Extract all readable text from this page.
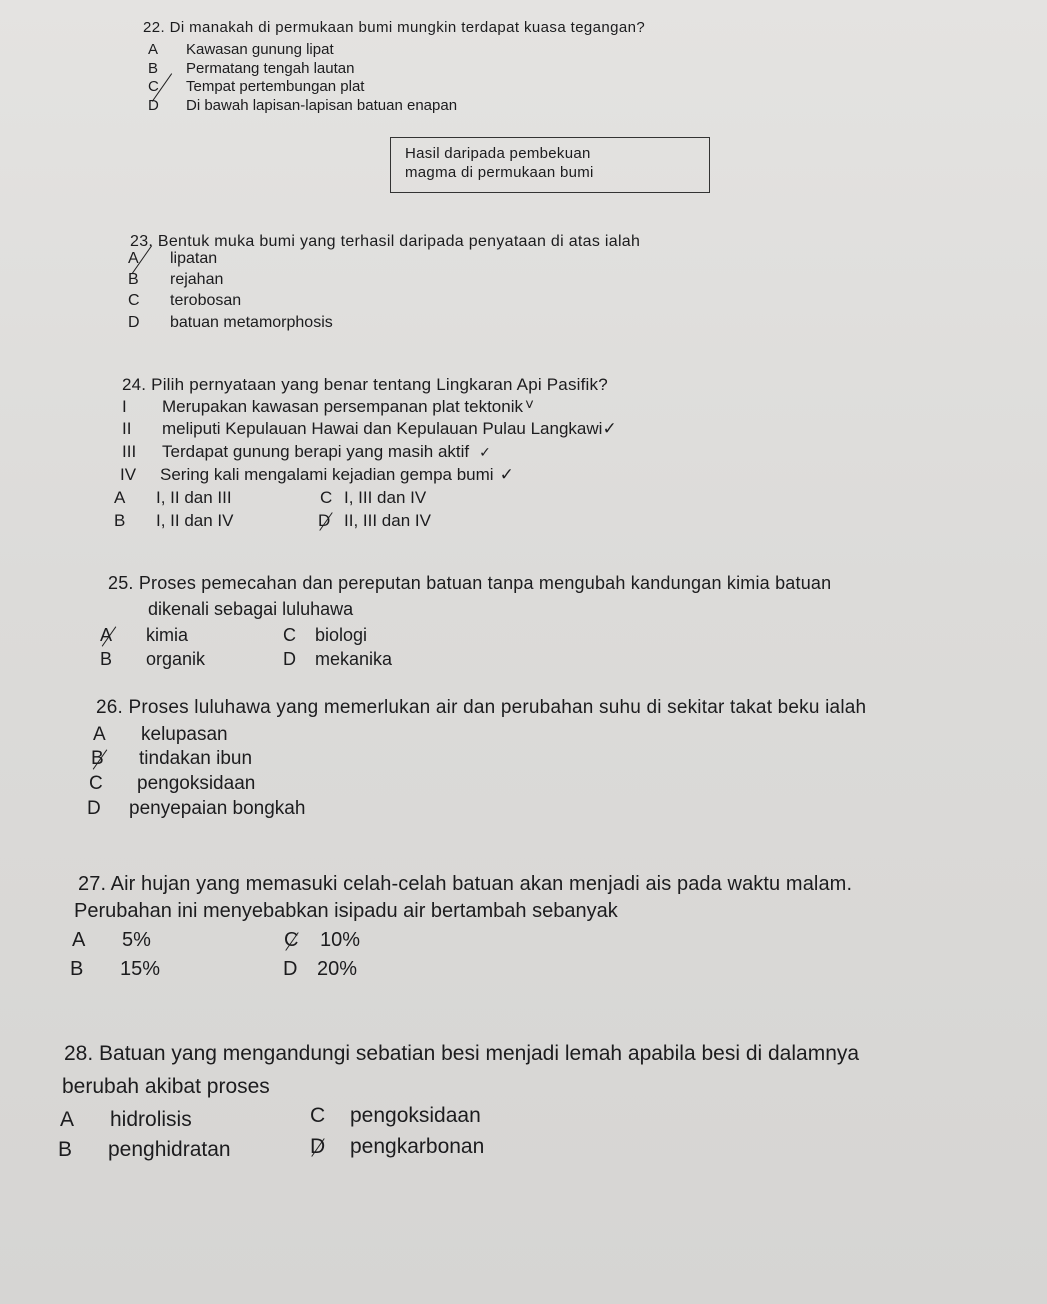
22. Di manakah di permukaan bumi mungkin terdapat kuasa tegangan?
A Kawasan gunung lipat
B Permatang tengah lautan
C Tempat pertembungan plat
D Di bawah lapisan-lapisan batuan enapan
Hasil daripada pembekuan
magma di permukaan bumi
23. Bentuk muka bumi yang terhasil daripada penyataan di atas ialah
A lipatan
B rejahan
C terobosan
D batuan metamorphosis
24. Pilih pernyataan yang benar tentang Lingkaran Api Pasifik?
I Merupakan kawasan persempanan plat tektonik ˅
II meliputi Kepulauan Hawai dan Kepulauan Pulau Langkawi✓
III Terdapat gunung berapi yang masih aktif ✓
IV Sering kali mengalami kejadian gempa bumi ✓
A I, II dan III
B I, II dan IV
C I, III dan IV
D II, III dan IV
25. Proses pemecahan dan pereputan batuan tanpa mengubah kandungan kimia batuan
dikenali sebagai luluhawa
A kimia
B organik
C biologi
D mekanika
26. Proses luluhawa yang memerlukan air dan perubahan suhu di sekitar takat beku ialah
A kelupasan
B tindakan ibun
C pengoksidaan
D penyepaian bongkah
27. Air hujan yang memasuki celah-celah batuan akan menjadi ais pada waktu malam.
Perubahan ini menyebabkan isipadu air bertambah sebanyak
A 5%
B 15%
C 10%
D 20%
28. Batuan yang mengandungi sebatian besi menjadi lemah apabila besi di dalamnya
berubah akibat proses
A hidrolisis
B penghidratan
C pengoksidaan
D pengkarbonan
